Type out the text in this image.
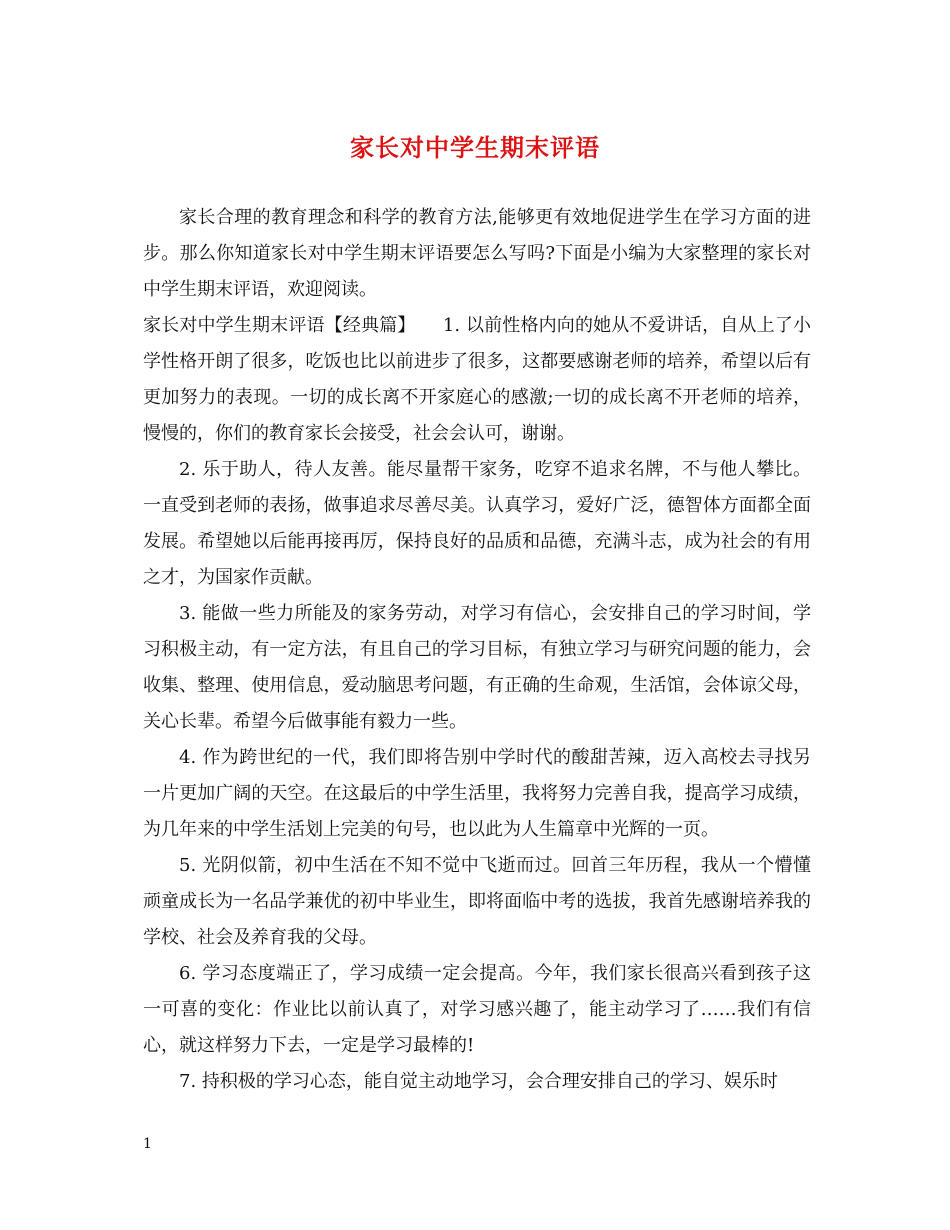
家长对中学生期末评语

家长合理的教育理念和科学的教育方法,能够更有效地促进学生在学习方面的进步。那么你知道家长对中学生期末评语要怎么写吗?下面是小编为大家整理的家长对中学生期末评语，欢迎阅读。

家长对中学生期末评语【经典篇】　　1. 以前性格内向的她从不爱讲话，自从上了小学性格开朗了很多，吃饭也比以前进步了很多，这都要感谢老师的培养，希望以后有更加努力的表现。一切的成长离不开家庭心的感激;一切的成长离不开老师的培养，慢慢的，你们的教育家长会接受，社会会认可，谢谢。

2. 乐于助人，待人友善。能尽量帮干家务，吃穿不追求名牌，不与他人攀比。一直受到老师的表扬，做事追求尽善尽美。认真学习，爱好广泛，德智体方面都全面发展。希望她以后能再接再厉，保持良好的品质和品德，充满斗志，成为社会的有用之才，为国家作贡献。

3. 能做一些力所能及的家务劳动，对学习有信心，会安排自己的学习时间，学习积极主动，有一定方法，有且自己的学习目标，有独立学习与研究问题的能力，会收集、整理、使用信息，爱动脑思考问题，有正确的生命观，生活馆，会体谅父母，关心长辈。希望今后做事能有毅力一些。

4. 作为跨世纪的一代，我们即将告别中学时代的酸甜苦辣，迈入高校去寻找另一片更加广阔的天空。在这最后的中学生活里，我将努力完善自我，提高学习成绩，为几年来的中学生活划上完美的句号，也以此为人生篇章中光辉的一页。

5. 光阴似箭，初中生活在不知不觉中飞逝而过。回首三年历程，我从一个懵懂顽童成长为一名品学兼优的初中毕业生，即将面临中考的选拔，我首先感谢培养我的学校、社会及养育我的父母。

6. 学习态度端正了，学习成绩一定会提高。今年，我们家长很高兴看到孩子这一可喜的变化：作业比以前认真了，对学习感兴趣了，能主动学习了……我们有信心，就这样努力下去，一定是学习最棒的!

7. 持积极的学习心态，能自觉主动地学习，会合理安排自己的学习、娱乐时

1
